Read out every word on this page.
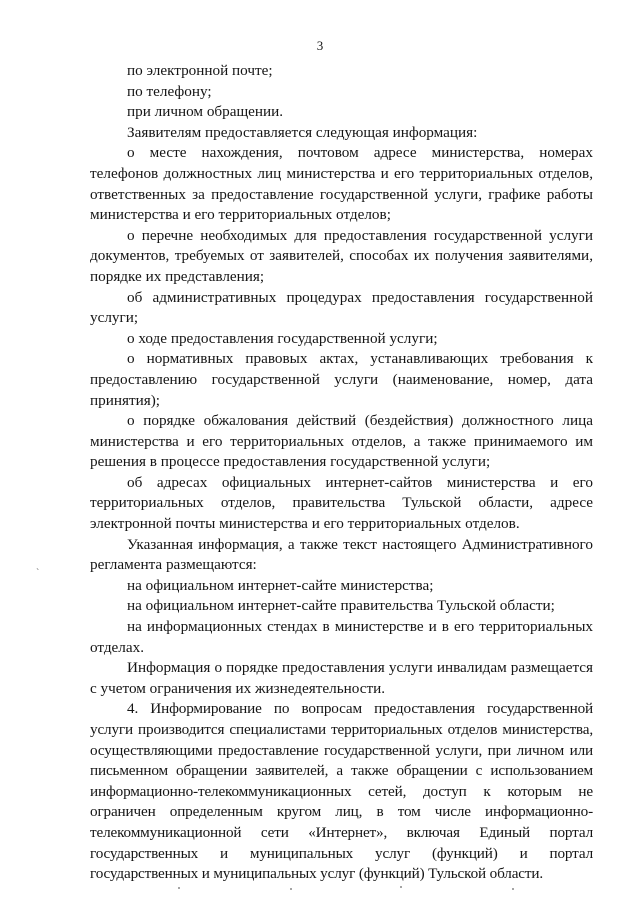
3

по электронной почте;

по телефону;

при личном обращении.

Заявителям предоставляется следующая информация:

о месте нахождения, почтовом адресе министерства, номерах телефонов должностных лиц министерства и его территориальных отделов, ответственных за предоставление государственной услуги, графике работы министерства и его территориальных отделов;

о перечне необходимых для предоставления государственной услуги документов, требуемых от заявителей, способах их получения заявителями, порядке их представления;

об административных процедурах предоставления государственной услуги;

о ходе предоставления государственной услуги;

о нормативных правовых актах, устанавливающих требования к предоставлению государственной услуги (наименование, номер, дата принятия);

о порядке обжалования действий (бездействия) должностного лица министерства и его территориальных отделов, а также принимаемого им решения в процессе предоставления государственной услуги;

об адресах официальных интернет-сайтов министерства и его территориальных отделов, правительства Тульской области, адресе электронной почты министерства и его территориальных отделов.

Указанная информация, а также текст настоящего Административного регламента размещаются:

на официальном интернет-сайте министерства;

на официальном интернет-сайте правительства Тульской области;

на информационных стендах в министерстве и в его территориальных отделах.

Информация о порядке предоставления услуги инвалидам размещается с учетом ограничения их жизнедеятельности.

4. Информирование по вопросам предоставления государственной услуги производится специалистами территориальных отделов министерства, осуществляющими предоставление государственной услуги, при личном или письменном обращении заявителей, а также обращении с использованием информационно-телекоммуникационных сетей, доступ к которым не ограничен определенным кругом лиц, в том числе информационно-телекоммуникационной сети «Интернет», включая Единый портал государственных и муниципальных услуг (функций) и портал государственных и муниципальных услуг (функций) Тульской области.

`
